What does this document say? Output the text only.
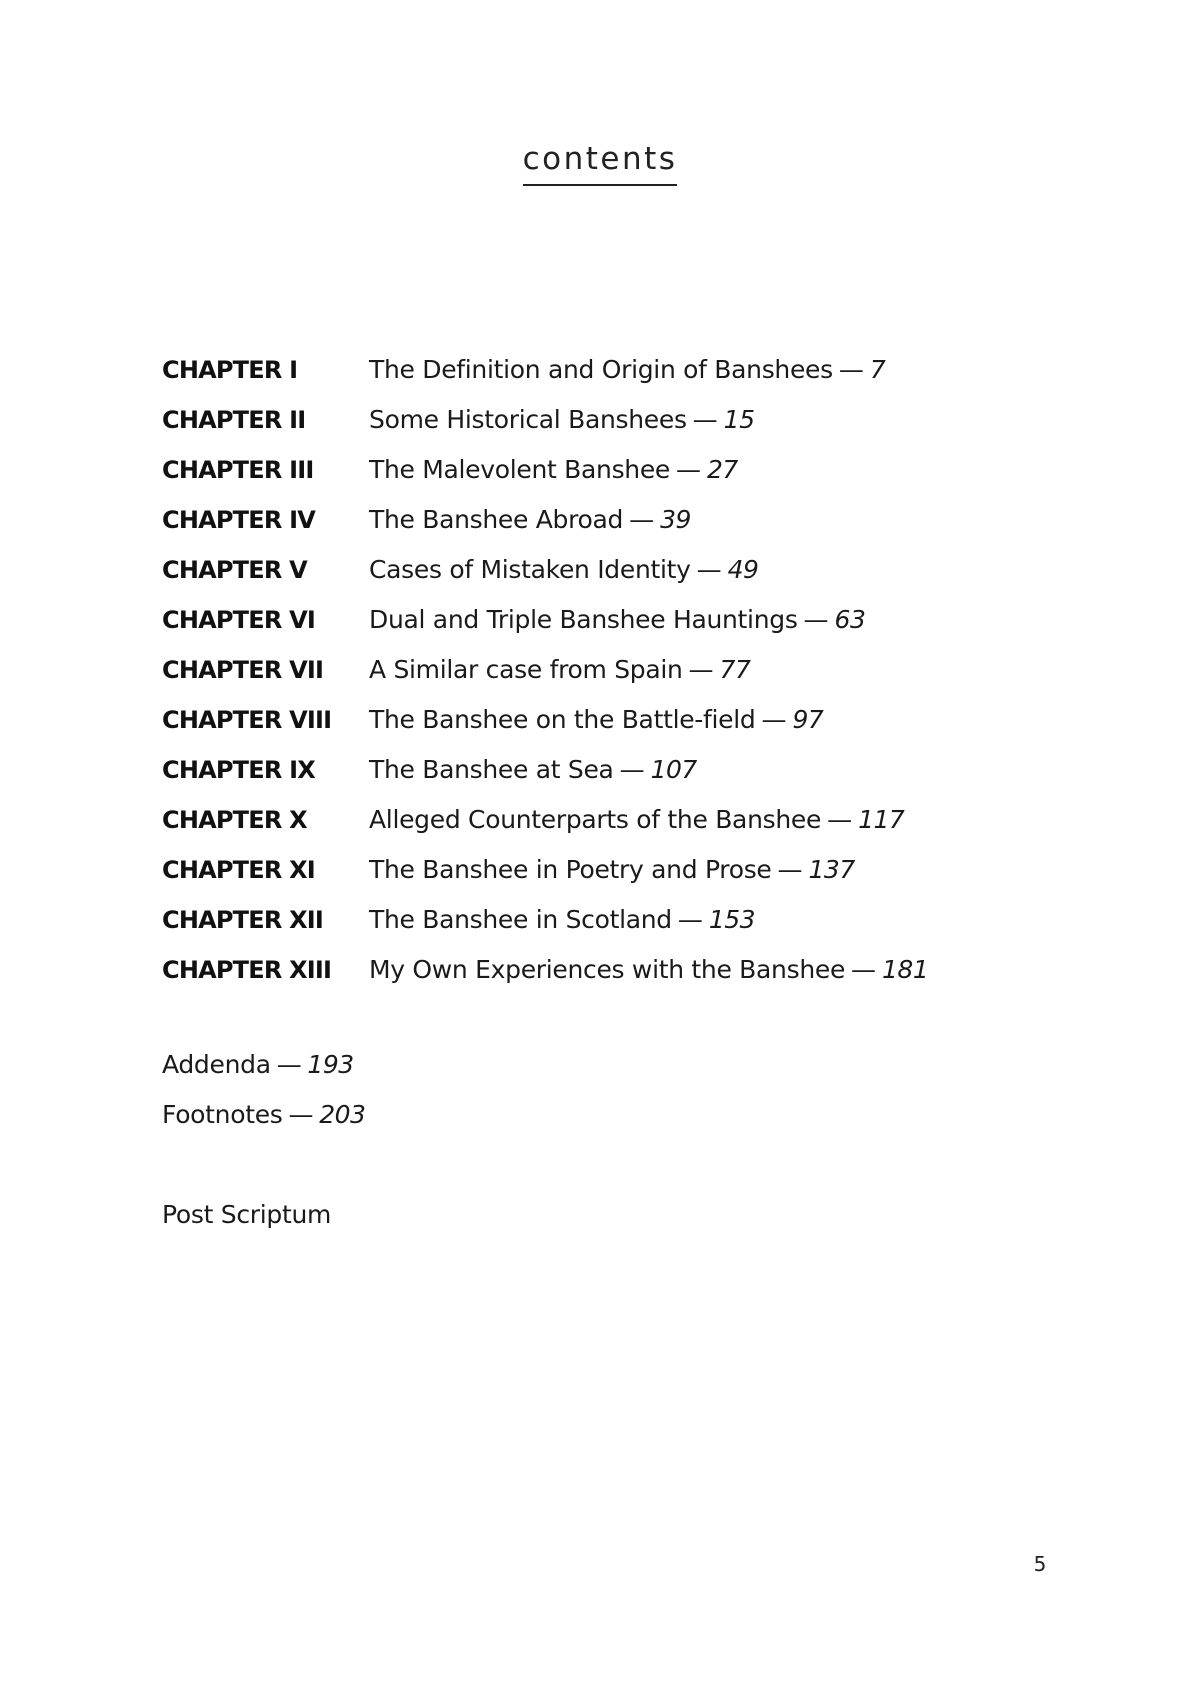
contents
CHAPTER I	The Definition and Origin of Banshees — 7
CHAPTER II	Some Historical Banshees — 15
CHAPTER III	The Malevolent Banshee — 27
CHAPTER IV	The Banshee Abroad — 39
CHAPTER V	Cases of Mistaken Identity — 49
CHAPTER VI	Dual and Triple Banshee Hauntings — 63
CHAPTER VII	A Similar case from Spain — 77
CHAPTER VIII	The Banshee on the Battle-field — 97
CHAPTER IX	The Banshee at Sea — 107
CHAPTER X	Alleged Counterparts of the Banshee — 117
CHAPTER XI	The Banshee in Poetry and Prose — 137
CHAPTER XII	The Banshee in Scotland — 153
CHAPTER XIII	My Own Experiences with the Banshee — 181
Addenda — 193
Footnotes — 203
Post Scriptum
5
